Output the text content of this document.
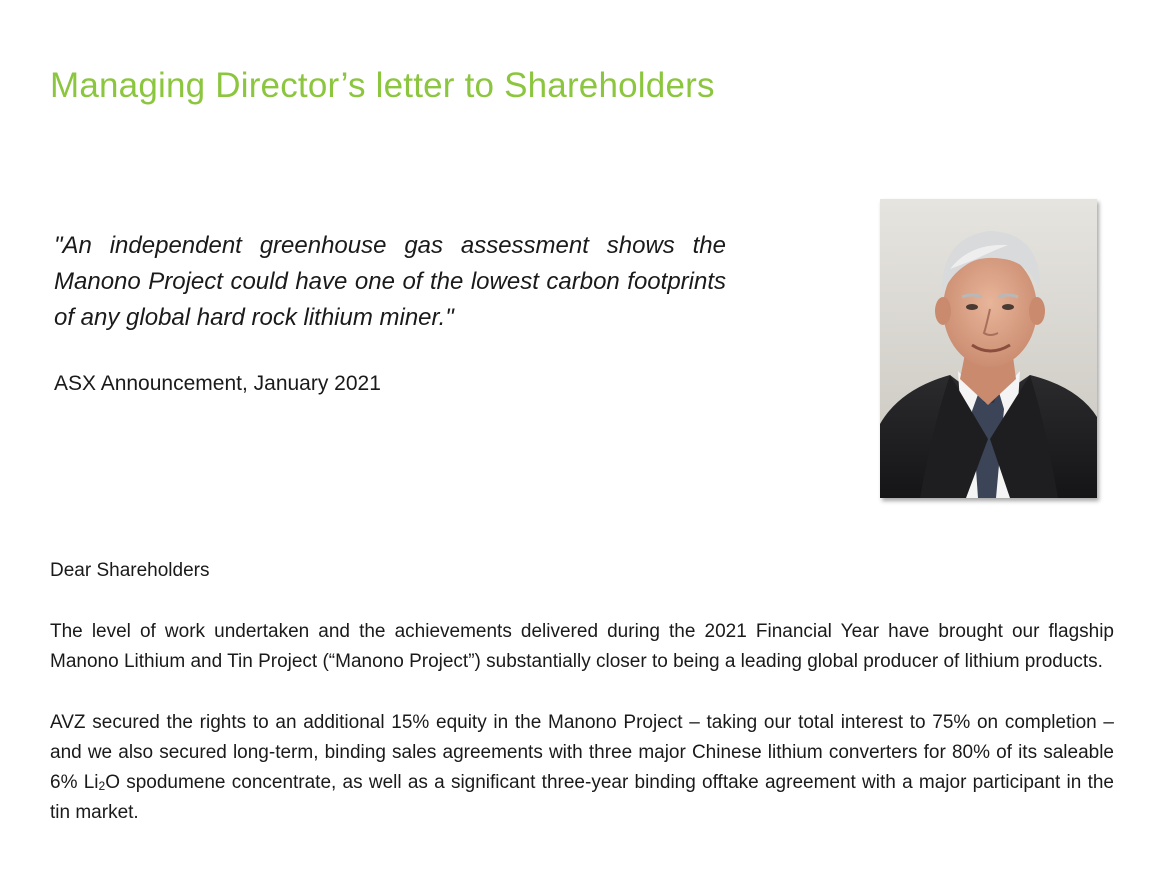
Managing Director’s letter to Shareholders

"An independent greenhouse gas assessment shows the Manono Project could have one of the lowest carbon footprints of any global hard rock lithium miner."

ASX Announcement, January 2021

Dear Shareholders

The level of work undertaken and the achievements delivered during the 2021 Financial Year have brought our flagship Manono Lithium and Tin Project (“Manono Project”) substantially closer to being a leading global producer of lithium products.

AVZ secured the rights to an additional 15% equity in the Manono Project – taking our total interest to 75% on completion – and we also secured long-term, binding sales agreements with three major Chinese lithium converters for 80% of its saleable 6% $Li_2O$ spodumene concentrate, as well as a significant three-year binding offtake agreement with a major participant in the tin market.
